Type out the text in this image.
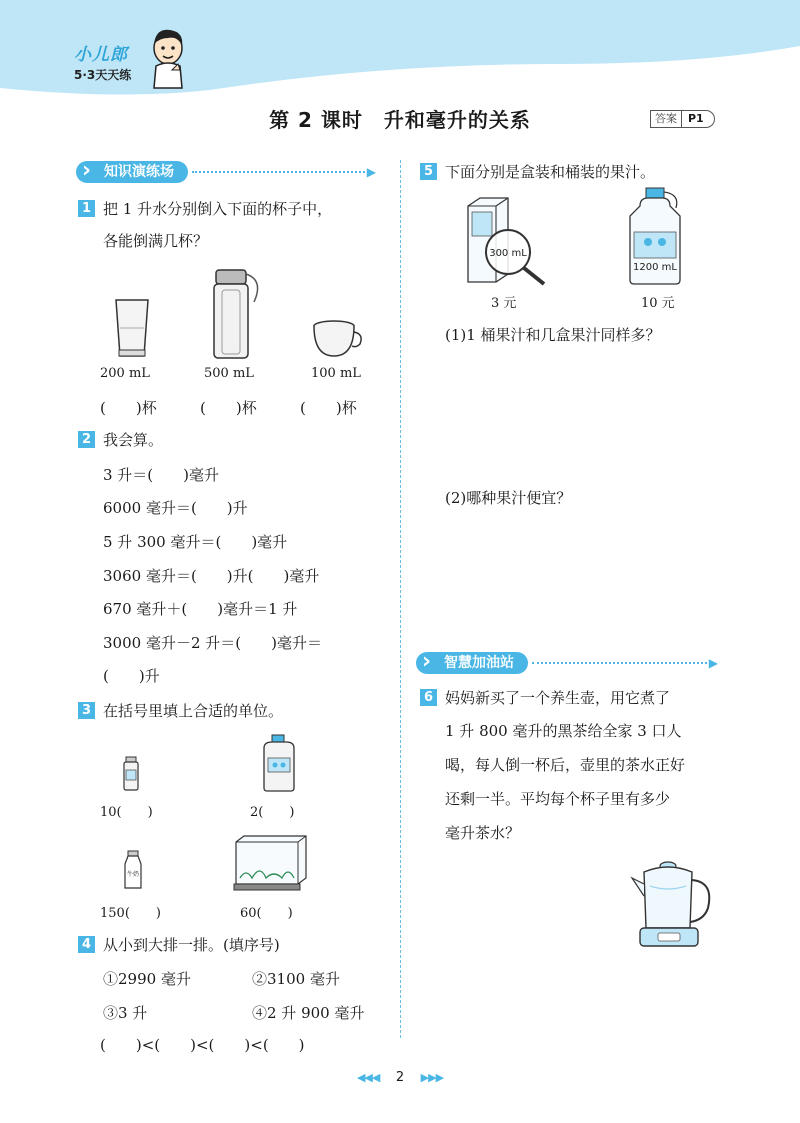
小儿郎
5·3天天练
第 2 课时　升和毫升的关系	答案	P1
› 知识演练场	▶
1 把 1 升水分别倒入下面的杯子中，
各能倒满几杯？
200 mL	500 mL	100 mL
(　　)杯	(　　)杯	(　　)杯
2 我会算。
3 升＝(　　)毫升
6000 毫升＝(　　)升
5 升 300 毫升＝(　　)毫升
3060 毫升＝(　　)升(　　)毫升
670 毫升＋(　　)毫升＝1 升
3000 毫升－2 升＝(　　)毫升＝
(　　)升
3 在括号里填上合适的单位。
10(　　)	2(　　)
牛奶
150(　　)	60(　　)
4 从小到大排一排。(填序号)
①2990 毫升	②3100 毫升
③3 升	④2 升 900 毫升
(　　)<(　　)<(　　)<(　　)
5 下面分别是盒装和桶装的果汁。
300 mL
1200 mL
3 元	10 元
(1)1 桶果汁和几盒果汁同样多？
(2)哪种果汁便宜？
› 智慧加油站	▶
6 妈妈新买了一个养生壶，用它煮了
1 升 800 毫升的黑茶给全家 3 口人
喝，每人倒一杯后，壶里的茶水正好
还剩一半。平均每个杯子里有多少
毫升茶水？
◀◀◀ 2 ▶▶▶
